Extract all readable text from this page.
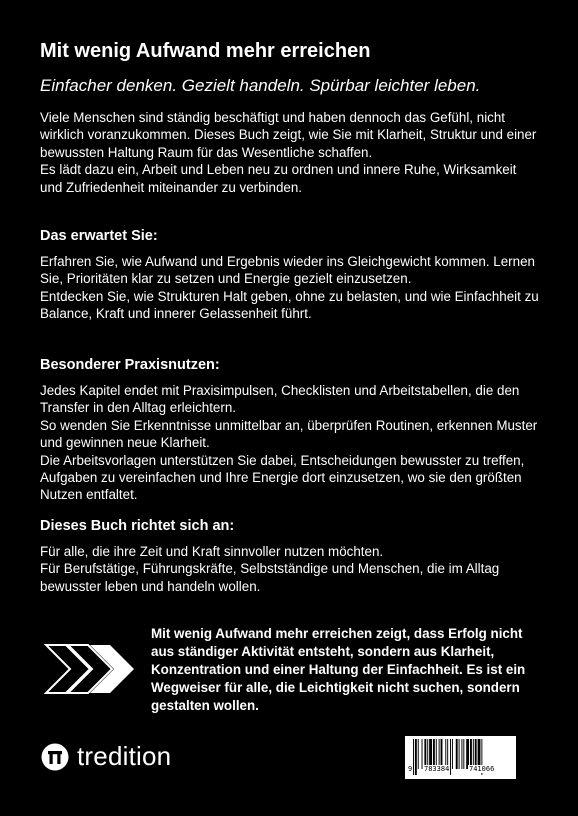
Mit wenig Aufwand mehr erreichen

Einfacher denken. Gezielt handeln. Spürbar leichter leben.

Viele Menschen sind ständig beschäftigt und haben dennoch das Gefühl, nicht wirklich voranzukommen. Dieses Buch zeigt, wie Sie mit Klarheit, Struktur und einer bewussten Haltung Raum für das Wesentliche schaffen.

Es lädt dazu ein, Arbeit und Leben neu zu ordnen und innere Ruhe, Wirksamkeit und Zufriedenheit miteinander zu verbinden.

Das erwartet Sie:

Erfahren Sie, wie Aufwand und Ergebnis wieder ins Gleichgewicht kommen. Lernen Sie, Prioritäten klar zu setzen und Energie gezielt einzusetzen.

Entdecken Sie, wie Strukturen Halt geben, ohne zu belasten, und wie Einfachheit zu Balance, Kraft und innerer Gelassenheit führt.

Besonderer Praxisnutzen:

Jedes Kapitel endet mit Praxisimpulsen, Checklisten und Arbeitstabellen, die den Transfer in den Alltag erleichtern.

So wenden Sie Erkenntnisse unmittelbar an, überprüfen Routinen, erkennen Muster und gewinnen neue Klarheit.

Die Arbeitsvorlagen unterstützen Sie dabei, Entscheidungen bewusster zu treffen, Aufgaben zu vereinfachen und Ihre Energie dort einzusetzen, wo sie den größten Nutzen entfaltet.

Dieses Buch richtet sich an:

Für alle, die ihre Zeit und Kraft sinnvoller nutzen möchten.

Für Berufstätige, Führungskräfte, Selbstständige und Menschen, die im Alltag bewusster leben und handeln wollen.

Mit wenig Aufwand mehr erreichen zeigt, dass Erfolg nicht aus ständiger Aktivität entsteht, sondern aus Klarheit, Konzentration und einer Haltung der Einfachheit. Es ist ein Wegweiser für alle, die Leichtigkeit nicht suchen, sondern gestalten wollen.

tredition	9 783384	741066
